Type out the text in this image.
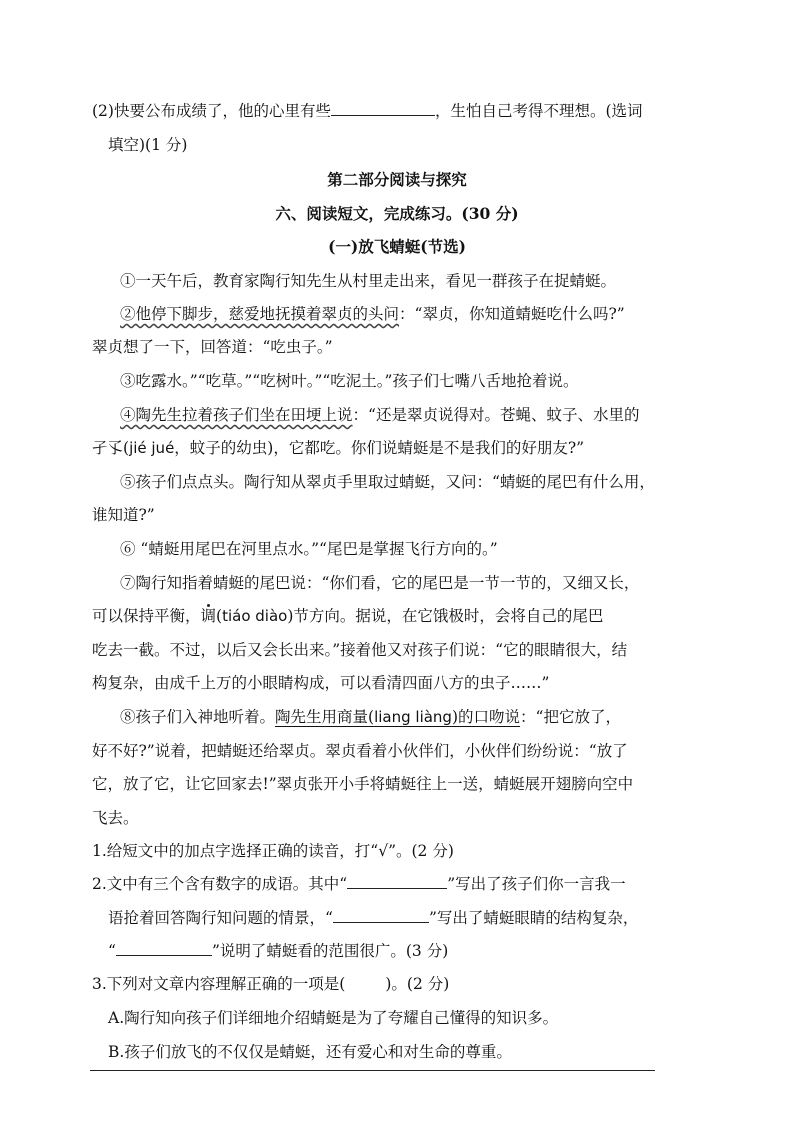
(2)快要公布成绩了，他的心里有些	，生怕自己考得不理想。(选词
填空)(1 分)
第二部分阅读与探究
六、阅读短文，完成练习。(30 分)
(一)放飞蜻蜓(节选)
①一天午后，教育家陶行知先生从村里走出来，看见一群孩子在捉蜻蜓。
②他停下脚步，慈爱地抚摸着翠贞的头问：“翠贞，你知道蜻蜓吃什么吗?”
翠贞想了一下，回答道：“吃虫子。”
③吃露水。”“吃草。”“吃树叶。”“吃泥土。”孩子们七嘴八舌地抢着说。
④陶先生拉着孩子们坐在田埂上说：“还是翠贞说得对。苍蝇、蚊子、水里的
孑孓(jié jué，蚊子的幼虫)，它都吃。你们说蜻蜓是不是我们的好朋友?”
⑤孩子们点点头。陶行知从翠贞手里取过蜻蜓，又问：“蜻蜓的尾巴有什么用，
谁知道?”
⑥ “蜻蜓用尾巴在河里点水。”“尾巴是掌握飞行方向的。”
⑦陶行知指着蜻蜓的尾巴说：“你们看，它的尾巴是一节一节的，又细又长，
可以保持平衡，调(tiáo diào)节方向。据说，在它饿极时，会将自己的尾巴
吃去一截。不过，以后又会长出来。”接着他又对孩子们说：“它的眼睛很大，结
构复杂，由成千上万的小眼睛构成，可以看清四面八方的虫子……”
⑧孩子们入神地听着。陶先生用商量(liang liàng)的口吻说：“把它放了，
好不好?”说着，把蜻蜓还给翠贞。翠贞看着小伙伴们，小伙伴们纷纷说：“放了
它，放了它，让它回家去!”翠贞张开小手将蜻蜓往上一送，蜻蜓展开翅膀向空中
飞去。
1.给短文中的加点字选择正确的读音，打“√”。(2 分)
2.文中有三个含有数字的成语。其中“	”写出了孩子们你一言我一
语抢着回答陶行知问题的情景，“	”写出了蜻蜓眼睛的结构复杂，
“	”说明了蜻蜓看的范围很广。(3 分)
3.下列对文章内容理解正确的一项是(	)。(2 分)
A.陶行知向孩子们详细地介绍蜻蜓是为了夸耀自己懂得的知识多。
B.孩子们放飞的不仅仅是蜻蜓，还有爱心和对生命的尊重。
